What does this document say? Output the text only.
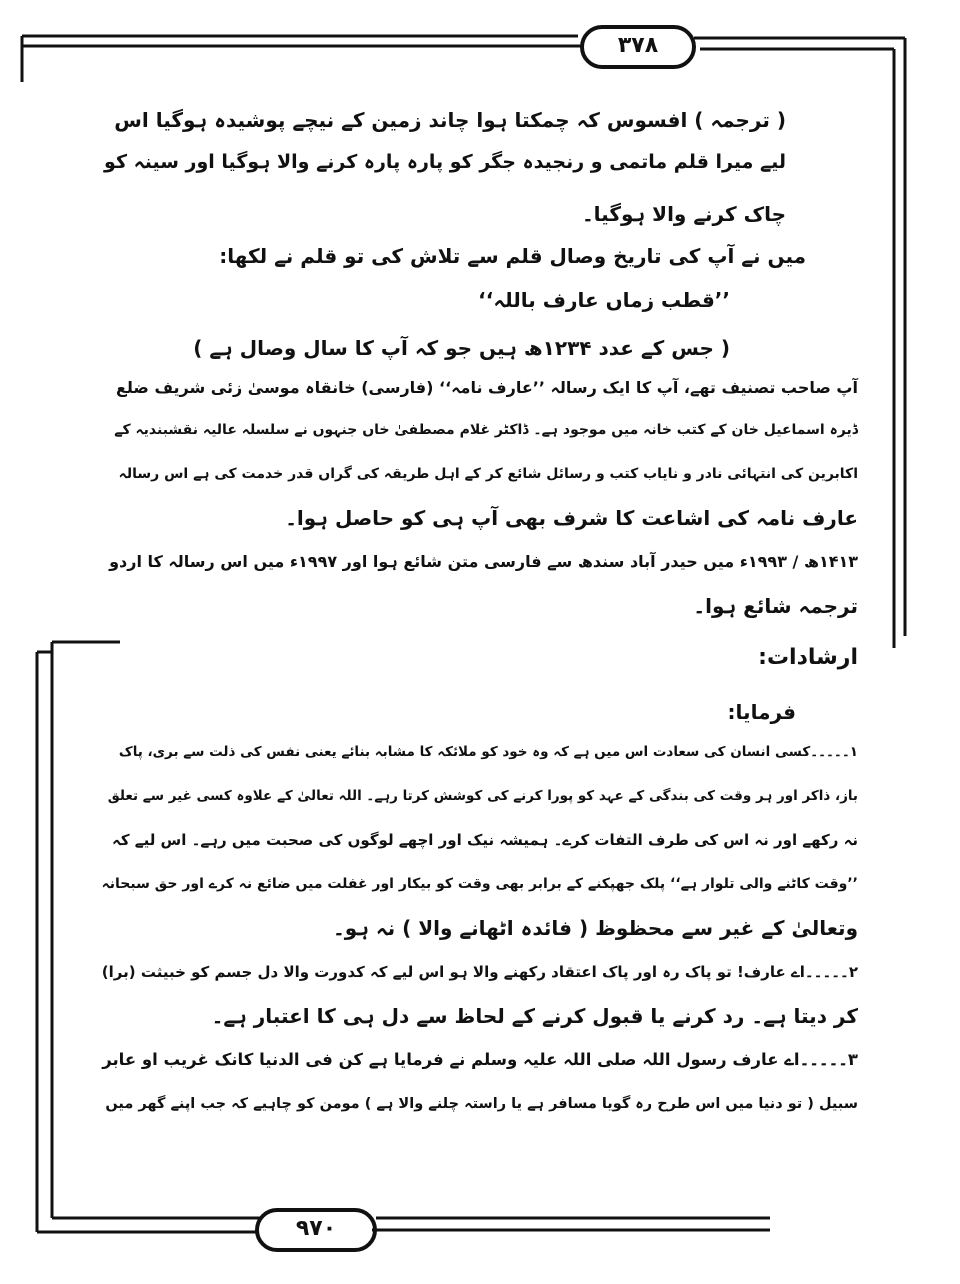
۳۷۸
۹۷۰
( ترجمہ ) افسوس کہ چمکتا ہوا چاند زمین کے نیچے پوشیدہ ہوگیا اس
لیے میرا قلم ماتمی و رنجیدہ جگر کو پارہ پارہ کرنے والا ہوگیا اور سینہ کو
چاک کرنے والا ہوگیا۔
میں نے آپ کی تاریخ وصال قلم سے تلاش کی تو قلم نے لکھا:
’’قطب زماں عارف باللہ‘‘
( جس کے عدد ۱۲۳۴ھ ہیں جو کہ آپ کا سال وصال ہے )
آپ صاحب تصنیف تھے، آپ کا ایک رسالہ ’’عارف نامہ‘‘ (فارسی) خانقاہ موسیٰ زئی شریف ضلع
ڈیرہ اسماعیل خان کے کتب خانہ میں موجود ہے۔ ڈاکٹر غلام مصطفیٰ خاں جنہوں نے سلسلہ عالیہ نقشبندیہ کے
اکابرین کی انتہائی نادر و نایاب کتب و رسائل شائع کر کے اہل طریقہ کی گراں قدر خدمت کی ہے اس رسالہ
عارف نامہ کی اشاعت کا شرف بھی آپ ہی کو حاصل ہوا۔
۱۴۱۳ھ / ۱۹۹۳ء میں حیدر آباد سندھ سے فارسی متن شائع ہوا اور ۱۹۹۷ء میں اس رسالہ کا اردو
ترجمہ شائع ہوا۔
ارشادات:
فرمایا:
۱۔۔۔۔۔کسی انسان کی سعادت اس میں ہے کہ وہ خود کو ملائکہ کا مشابہ بنائے یعنی نفس کی ذلت سے بری، پاک
باز، ذاکر اور ہر وقت کی بندگی کے عہد کو پورا کرنے کی کوشش کرتا رہے۔ اللہ تعالیٰ کے علاوہ کسی غیر سے تعلق
نہ رکھے اور نہ اس کی طرف التفات کرے۔ ہمیشہ نیک اور اچھے لوگوں کی صحبت میں رہے۔ اس لیے کہ
’’وقت کاٹنے والی تلوار ہے‘‘ پلک جھپکنے کے برابر بھی وقت کو بیکار اور غفلت میں ضائع نہ کرے اور حق سبحانہ
وتعالیٰ کے غیر سے محظوظ ( فائدہ اٹھانے والا ) نہ ہو۔
۲۔۔۔۔۔اے عارف! تو پاک رہ اور پاک اعتقاد رکھنے والا ہو اس لیے کہ کدورت والا دل جسم کو خبیثت (برا)
کر دیتا ہے۔ رد کرنے یا قبول کرنے کے لحاظ سے دل ہی کا اعتبار ہے۔
۳۔۔۔۔۔اے عارف رسول اللہ صلی اللہ علیہ وسلم نے فرمایا ہے کن فی الدنیا کانک غریب او عابر
سبیل ( تو دنیا میں اس طرح رہ گویا مسافر ہے یا راستہ چلنے والا ہے ) مومن کو چاہیے کہ جب اپنے گھر میں
